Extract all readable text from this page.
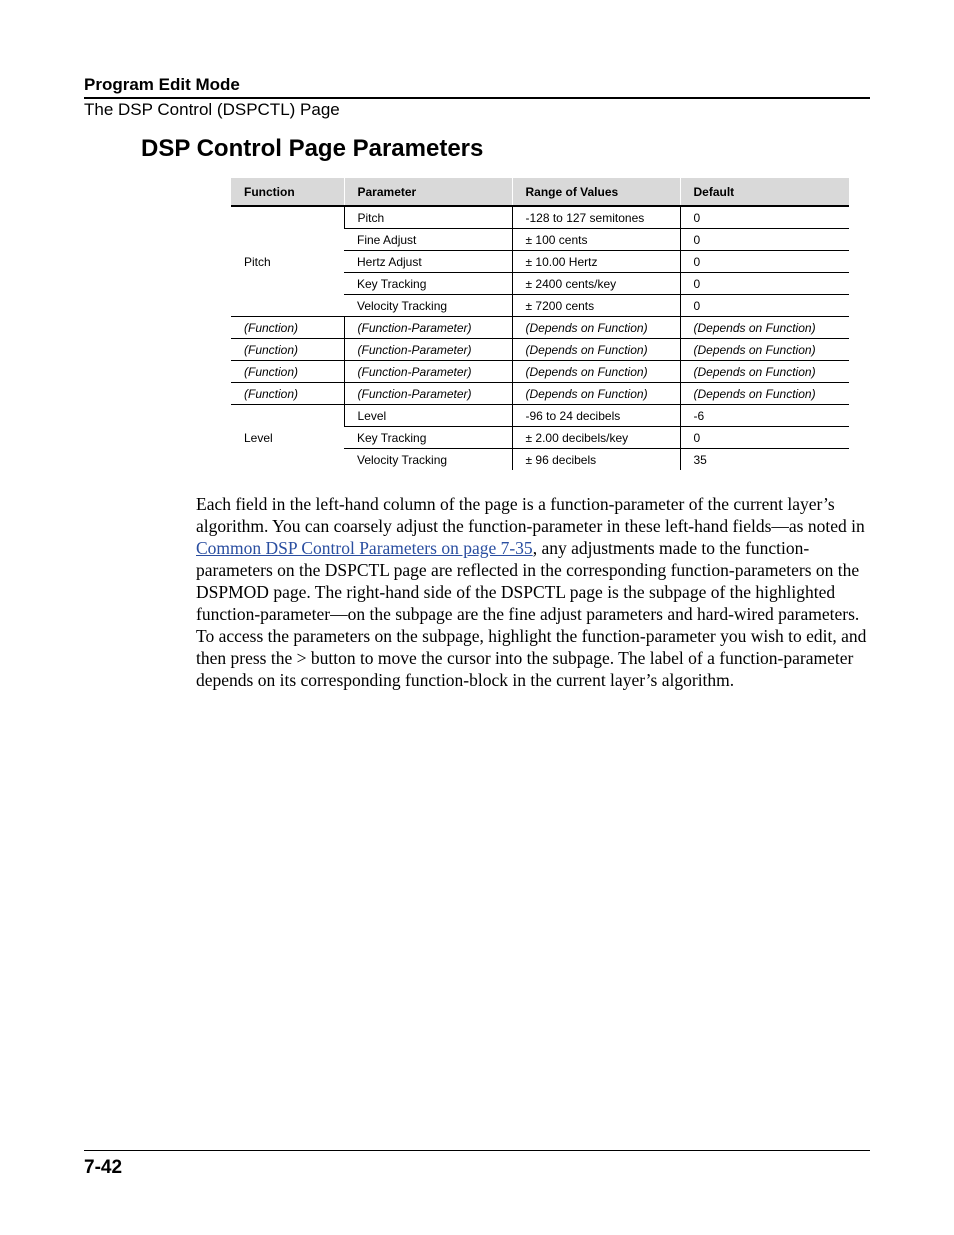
Program Edit Mode
The DSP Control (DSPCTL) Page
DSP Control Page Parameters
Function	Parameter	Range of Values	Default
Pitch	Pitch	-128 to 127 semitones	0
	Fine Adjust	± 100 cents	0
	Hertz Adjust	± 10.00 Hertz	0
	Key Tracking	± 2400 cents/key	0
	Velocity Tracking	± 7200 cents	0
(Function)	(Function-Parameter)	(Depends on Function)	(Depends on Function)
(Function)	(Function-Parameter)	(Depends on Function)	(Depends on Function)
(Function)	(Function-Parameter)	(Depends on Function)	(Depends on Function)
(Function)	(Function-Parameter)	(Depends on Function)	(Depends on Function)
Level	Level	-96 to 24 decibels	-6
	Key Tracking	± 2.00 decibels/key	0
	Velocity Tracking	± 96 decibels	35

Each field in the left-hand column of the page is a function-parameter of the current layer’s algorithm. You can coarsely adjust the function-parameter in these left-hand fields—as noted in Common DSP Control Parameters on page 7-35, any adjustments made to the function-parameters on the DSPCTL page are reflected in the corresponding function-parameters on the DSPMOD page. The right-hand side of the DSPCTL page is the subpage of the highlighted function-parameter—on the subpage are the fine adjust parameters and hard-wired parameters. To access the parameters on the subpage, highlight the function-parameter you wish to edit, and then press the > button to move the cursor into the subpage. The label of a function-parameter depends on its corresponding function-block in the current layer’s algorithm.

7-42
